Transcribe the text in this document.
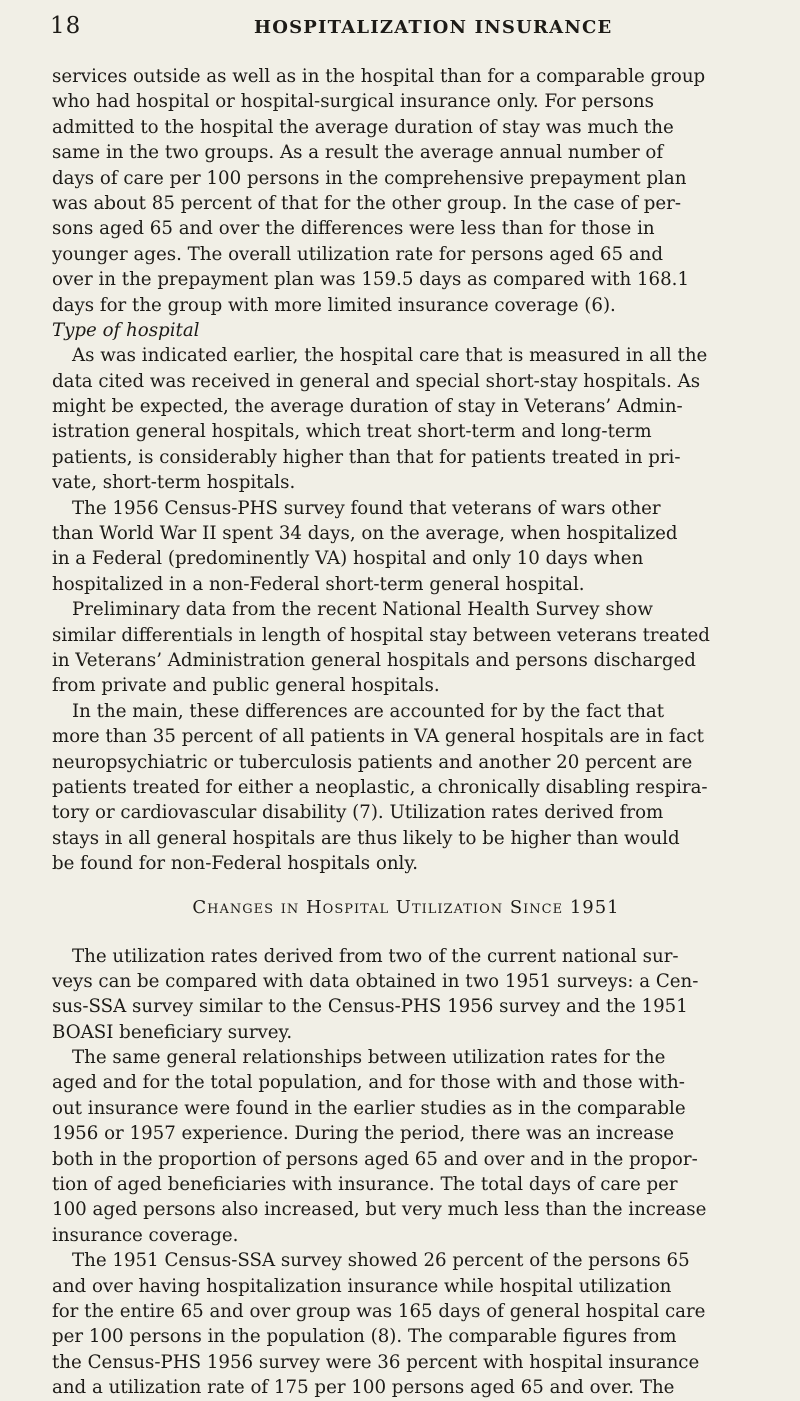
18	HOSPITALIZATION INSURANCE
services outside as well as in the hospital than for a comparable group
who had hospital or hospital-surgical insurance only. For persons
admitted to the hospital the average duration of stay was much the
same in the two groups. As a result the average annual number of
days of care per 100 persons in the comprehensive prepayment plan
was about 85 percent of that for the other group. In the case of per-
sons aged 65 and over the differences were less than for those in
younger ages. The overall utilization rate for persons aged 65 and
over in the prepayment plan was 159.5 days as compared with 168.1
days for the group with more limited insurance coverage (6).
Type of hospital
As was indicated earlier, the hospital care that is measured in all the
data cited was received in general and special short-stay hospitals. As
might be expected, the average duration of stay in Veterans’ Admin-
istration general hospitals, which treat short-term and long-term
patients, is considerably higher than that for patients treated in pri-
vate, short-term hospitals.
The 1956 Census-PHS survey found that veterans of wars other
than World War II spent 34 days, on the average, when hospitalized
in a Federal (predominently VA) hospital and only 10 days when
hospitalized in a non-Federal short-term general hospital.
Preliminary data from the recent National Health Survey show
similar differentials in length of hospital stay between veterans treated
in Veterans’ Administration general hospitals and persons discharged
from private and public general hospitals.
In the main, these differences are accounted for by the fact that
more than 35 percent of all patients in VA general hospitals are in fact
neuropsychiatric or tuberculosis patients and another 20 percent are
patients treated for either a neoplastic, a chronically disabling respira-
tory or cardiovascular disability (7). Utilization rates derived from
stays in all general hospitals are thus likely to be higher than would
be found for non-Federal hospitals only.
Changes in Hospital Utilization Since 1951
The utilization rates derived from two of the current national sur-
veys can be compared with data obtained in two 1951 surveys: a Cen-
sus-SSA survey similar to the Census-PHS 1956 survey and the 1951
BOASI beneficiary survey.
The same general relationships between utilization rates for the
aged and for the total population, and for those with and those with-
out insurance were found in the earlier studies as in the comparable
1956 or 1957 experience. During the period, there was an increase
both in the proportion of persons aged 65 and over and in the propor-
tion of aged beneficiaries with insurance. The total days of care per
100 aged persons also increased, but very much less than the increase
insurance coverage.
The 1951 Census-SSA survey showed 26 percent of the persons 65
and over having hospitalization insurance while hospital utilization
for the entire 65 and over group was 165 days of general hospital care
per 100 persons in the population (8). The comparable figures from
the Census-PHS 1956 survey were 36 percent with hospital insurance
and a utilization rate of 175 per 100 persons aged 65 and over. The
